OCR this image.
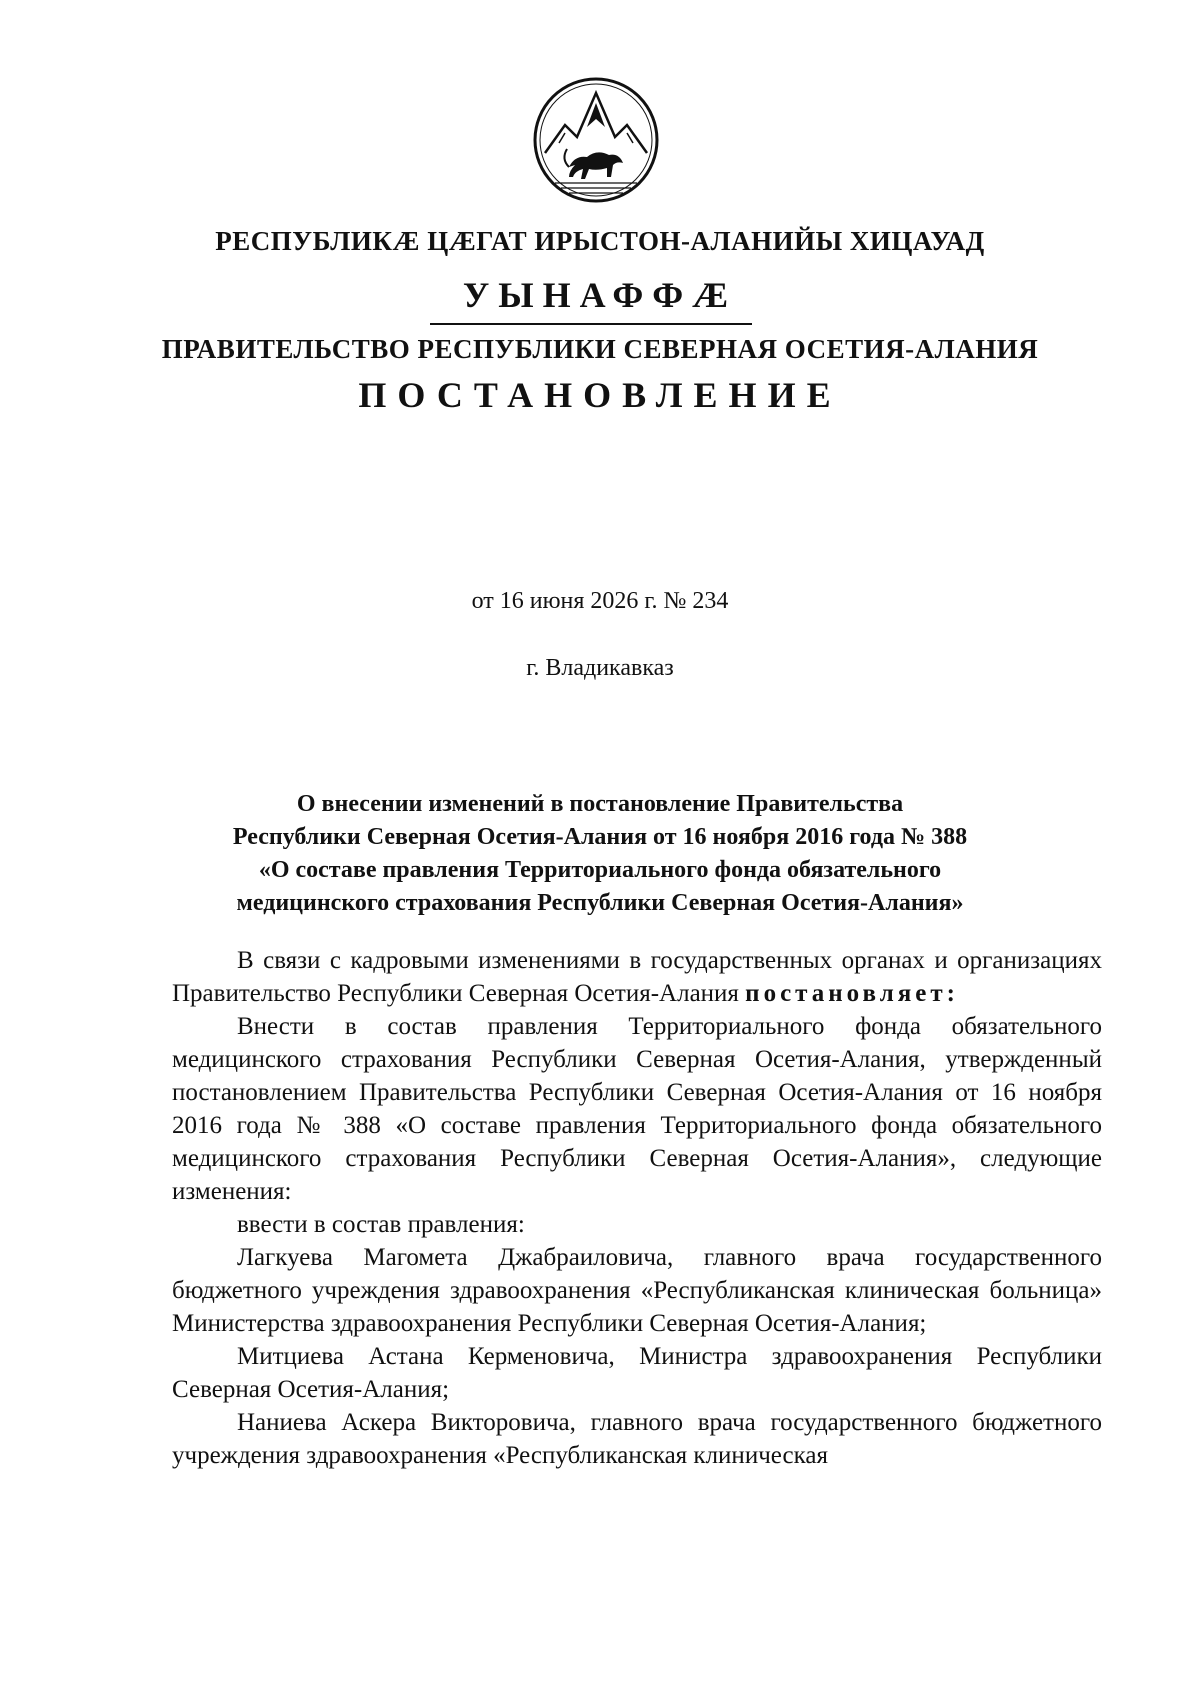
РЕСПУБЛИКÆ ЦÆГАТ ИРЫСТОН-АЛАНИЙЫ ХИЦАУАД
УЫНАФФÆ
ПРАВИТЕЛЬСТВО РЕСПУБЛИКИ СЕВЕРНАЯ ОСЕТИЯ-АЛАНИЯ
ПОСТАНОВЛЕНИЕ
от 16 июня 2026 г. № 234
г. Владикавказ
О внесении изменений в постановление Правительства
Республики Северная Осетия-Алания от 16 ноября 2016 года № 388
«О составе правления Территориального фонда обязательного
медицинского страхования Республики Северная Осетия-Алания»

В связи с кадровыми изменениями в государственных органах и организациях Правительство Республики Северная Осетия-Алания постановляет:

Внести в состав правления Территориального фонда обязательного медицинского страхования Республики Северная Осетия-Алания, утвержденный постановлением Правительства Республики Северная Осетия-Алания от 16 ноября 2016 года № 388 «О составе правления Территориального фонда обязательного медицинского страхования Республики Северная Осетия-Алания», следующие изменения:

ввести в состав правления:

Лагкуева Магомета Джабраиловича, главного врача государственного бюджетного учреждения здравоохранения «Республиканская клиническая больница» Министерства здравоохранения Республики Северная Осетия-Алания;

Митциева Астана Керменовича, Министра здравоохранения Республики Северная Осетия-Алания;

Наниева Аскера Викторовича, главного врача государственного бюджетного учреждения здравоохранения «Республиканская клиническая
